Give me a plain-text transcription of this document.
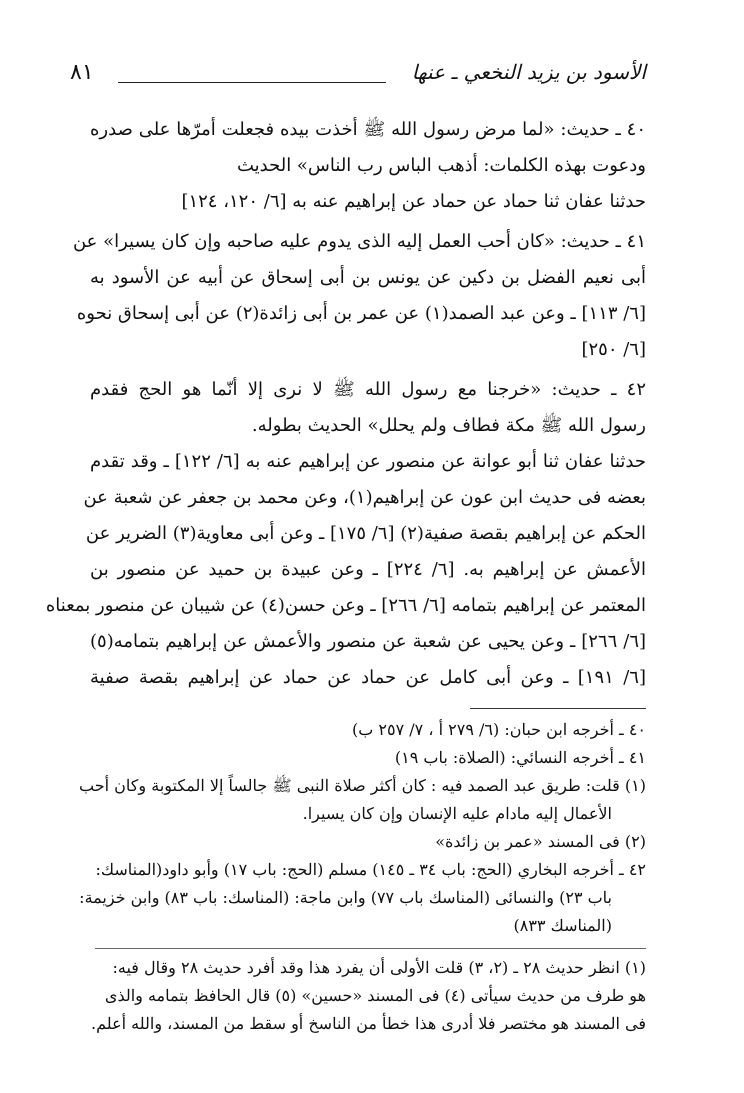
الأسود بن يزيد النخعي ـ عنها
٨١
٤٠ ـ حديث: «لما مرض رسول الله ﷺ أخذت بيده فجعلت أمرّها على صدره
ودعوت بهذه الكلمات: أذهب الباس رب الناس» الحديث
حدثنا عفان ثنا حماد عن حماد عن إبراهيم عنه به [٦/ ١٢٠، ١٢٤]
٤١ ـ حديث: «كان أحب العمل إليه الذى يدوم عليه صاحبه وإن كان يسيرا» عن
أبى نعيم الفضل بن دكين عن يونس بن أبى إسحاق عن أبيه عن الأسود به
[٦/ ١١٣] ـ وعن عبد الصمد(١) عن عمر بن أبى زائدة(٢) عن أبى إسحاق نحوه
[٦/ ٢٥٠]
٤٢ ـ حديث: «خرجنا مع رسول الله ﷺ لا نرى إلا أنّما هو الحج فقدم
رسول الله ﷺ مكة فطاف ولم يحلل» الحديث بطوله.
حدثنا عفان ثنا أبو عوانة عن منصور عن إبراهيم عنه به [٦/ ١٢٢] ـ وقد تقدم
بعضه فى حديث ابن عون عن إبراهيم(١)، وعن محمد بن جعفر عن شعبة عن
الحكم عن إبراهيم بقصة صفية(٢) [٦/ ١٧٥] ـ وعن أبى معاوية(٣) الضرير عن
الأعمش عن إبراهيم به. [٦/ ٢٢٤] ـ وعن عبيدة بن حميد عن منصور بن
المعتمر عن إبراهيم بتمامه [٦/ ٢٦٦] ـ وعن حسن(٤) عن شيبان عن منصور بمعناه
[٦/ ٢٦٦] ـ وعن يحيى عن شعبة عن منصور والأعمش عن إبراهيم بتمامه(٥)
[٦/ ١٩١] ـ وعن أبى كامل عن حماد عن حماد عن إبراهيم بقصة صفية
٤٠ ـ أخرجه ابن حبان: (٦/ ٢٧٩ أ ، ٧/ ٢٥٧ ب)
٤١ ـ أخرجه النسائي: (الصلاة: باب ١٩)
(١) قلت: طريق عبد الصمد فيه : كان أكثر صلاة النبى ﷺ جالساً إلا المكتوبة وكان أحب
الأعمال إليه مادام عليه الإنسان وإن كان يسيرا.
(٢) فى المسند «عمر بن زائدة»
٤٢ ـ أخرجه البخاري (الحج: باب ٣٤ ـ ١٤٥) مسلم (الحج: باب ١٧) وأبو داود(المناسك:
باب ٢٣) والنسائى (المناسك باب ٧٧) وابن ماجة: (المناسك: باب ٨٣) وابن خزيمة:
(المناسك ٨٣٣)
(١) انظر حديث ٢٨ ـ (٢، ٣) قلت الأولى أن يفرد هذا وقد أفرد حديث ٢٨ وقال فيه:
هو طرف من حديث سيأتى (٤) فى المسند «حسين» (٥) قال الحافظ بتمامه والذى
فى المسند هو مختصر فلا أدرى هذا خطأ من الناسخ أو سقط من المسند، والله أعلم.
